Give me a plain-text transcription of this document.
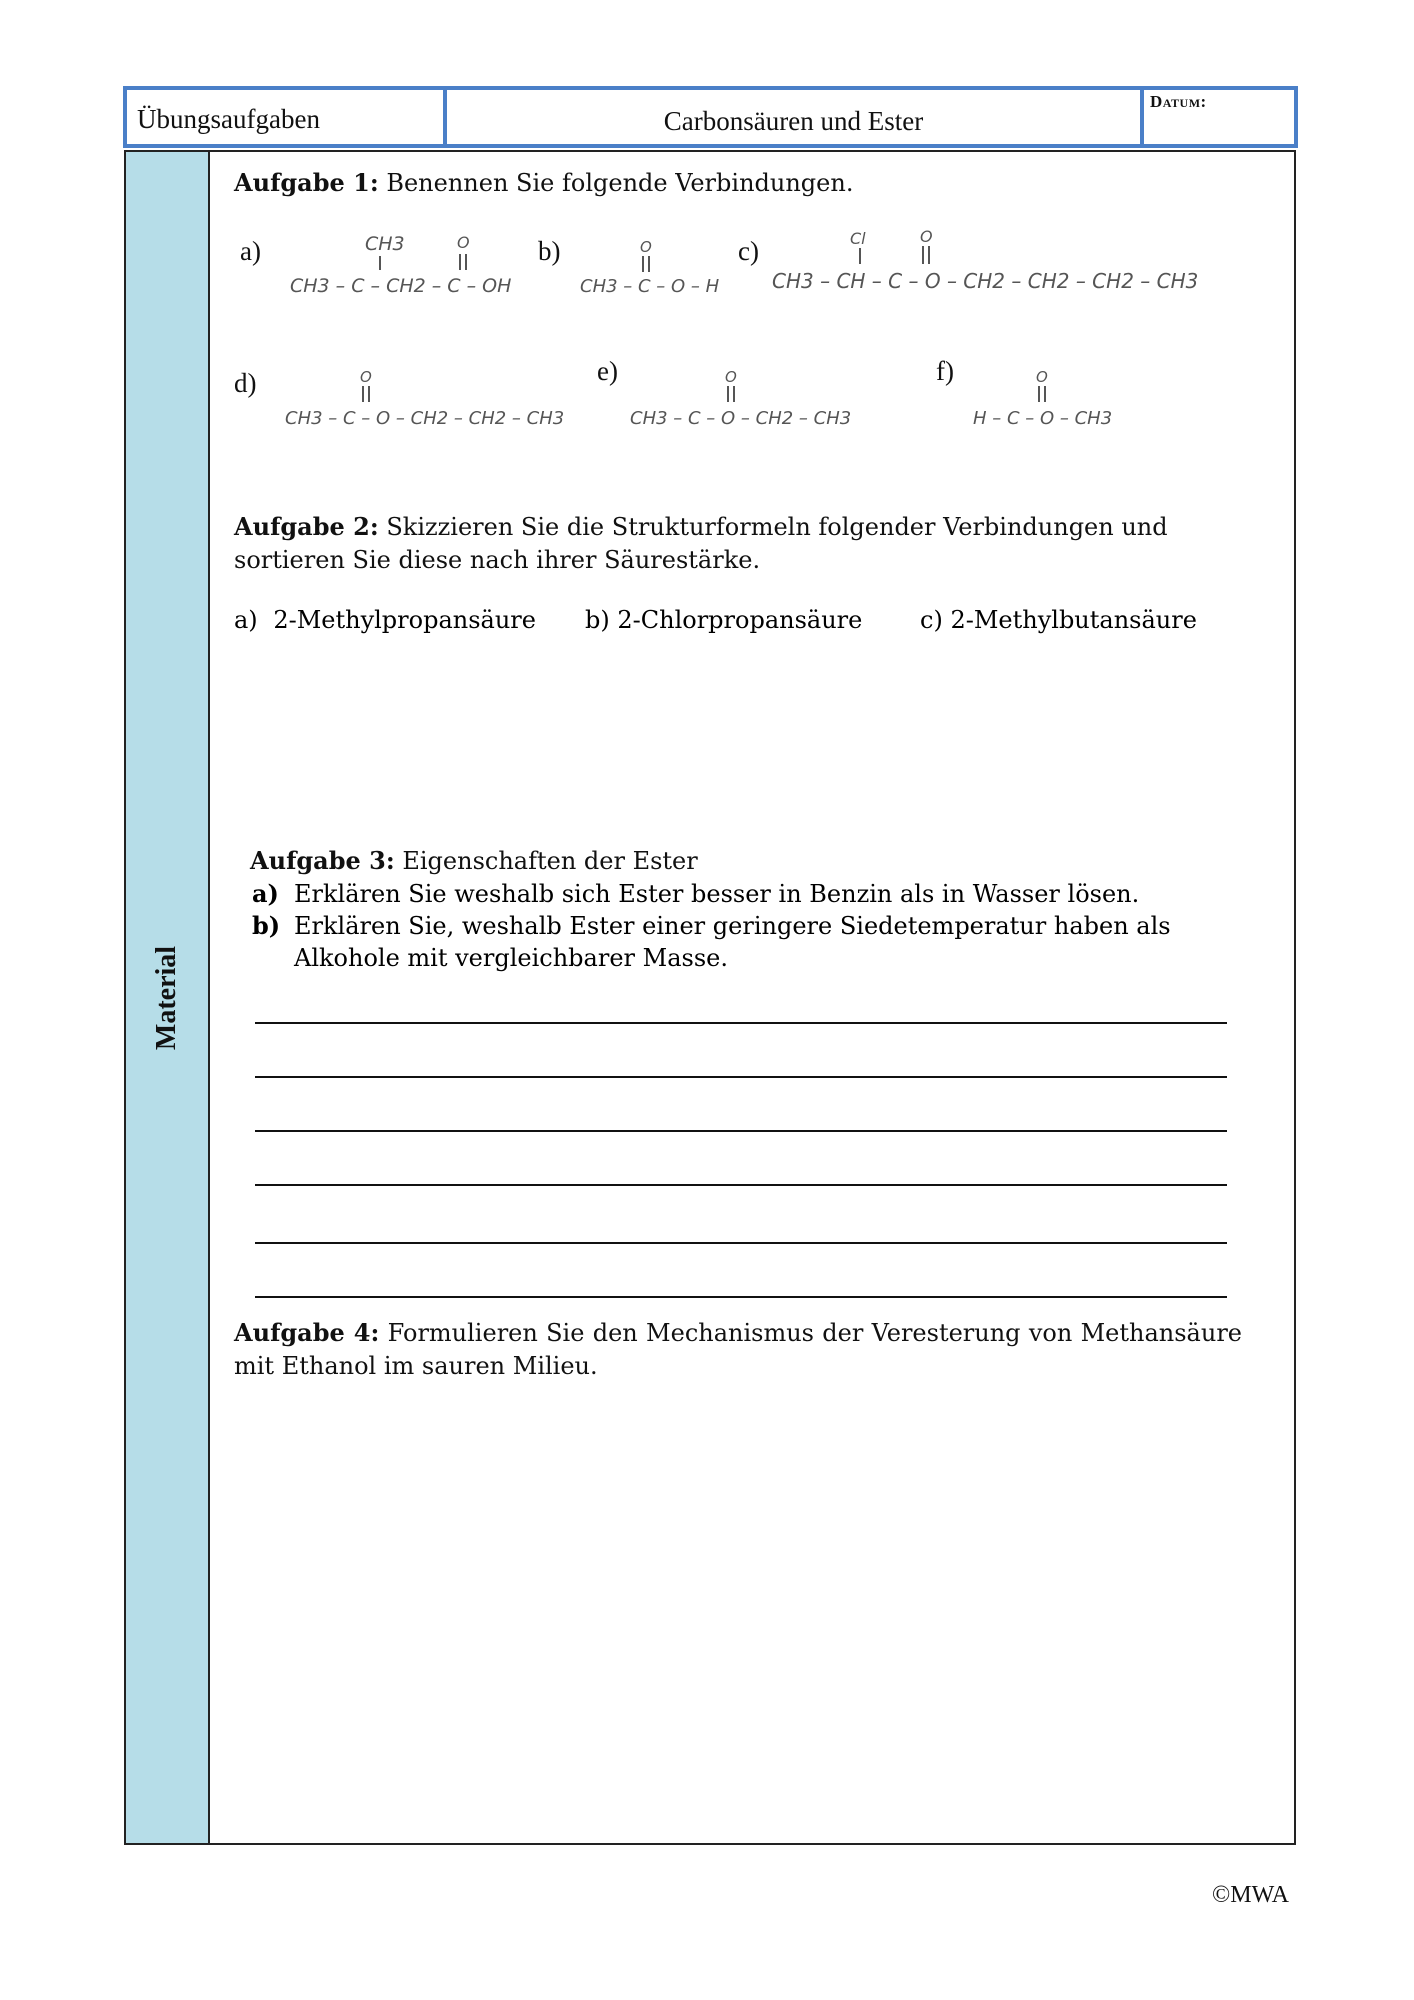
Übungsaufgaben	Carbonsäuren und Ester
Datum:
Material
Aufgabe 1: Benennen Sie folgende Verbindungen.
a)	CH3	O
CH3 – C – CH2 – C – OH
b)	O
CH3 – C – O – H
c)	Cl	O
CH3 – CH – C – O – CH2 – CH2 – CH2 – CH3
d)	O
CH3 – C – O – CH2 – CH2 – CH3
e)	O
CH3 – C – O – CH2 – CH3
f)	O
H – C – O – CH3
Aufgabe 2: Skizzieren Sie die Strukturformeln folgender Verbindungen und sortieren Sie diese nach ihrer Säurestärke.
a) 2-Methylpropansäure b) 2-Chlorpropansäure c) 2-Methylbutansäure
Aufgabe 3: Eigenschaften der Ester
a) Erklären Sie weshalb sich Ester besser in Benzin als in Wasser lösen.
b) Erklären Sie, weshalb Ester einer geringere Siedetemperatur haben als Alkohole mit vergleichbarer Masse.
Aufgabe 4: Formulieren Sie den Mechanismus der Veresterung von Methansäure mit Ethanol im sauren Milieu.
©MWA
